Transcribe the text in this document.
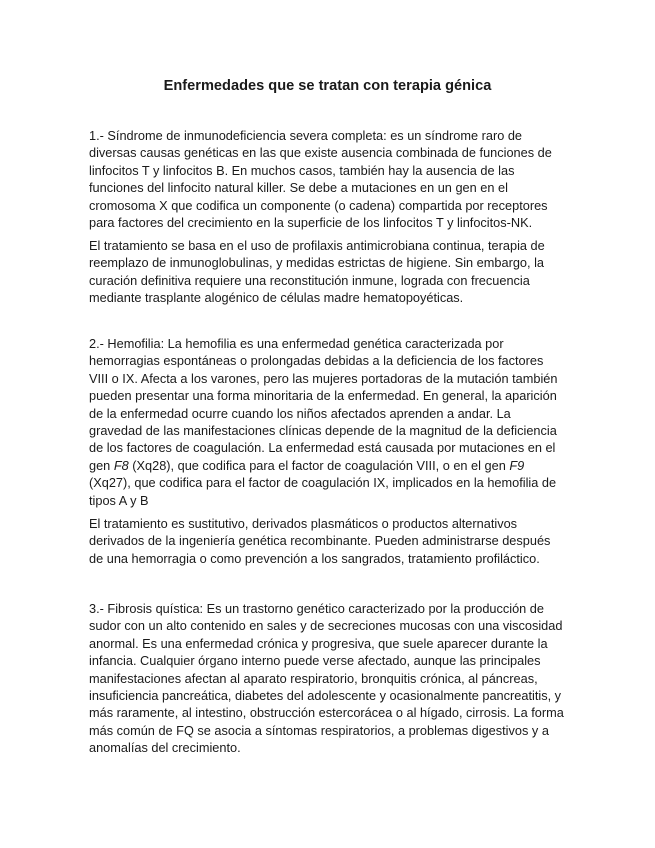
Enfermedades que se tratan con terapia génica

1.- Síndrome de inmunodeficiencia severa completa: es un síndrome raro de diversas causas genéticas en las que existe ausencia combinada de funciones de linfocitos T y linfocitos B. En muchos casos, también hay la ausencia de las funciones del linfocito natural killer. Se debe a mutaciones en un gen en el cromosoma X que codifica un componente (o cadena) compartida por receptores para factores del crecimiento en la superficie de los linfocitos T y linfocitos-NK.

El tratamiento se basa en el uso de profilaxis antimicrobiana continua, terapia de reemplazo de inmunoglobulinas, y medidas estrictas de higiene. Sin embargo, la curación definitiva requiere una reconstitución inmune, lograda con frecuencia mediante trasplante alogénico de células madre hematopoyéticas.

2.- Hemofilia: La hemofilia es una enfermedad genética caracterizada por hemorragias espontáneas o prolongadas debidas a la deficiencia de los factores VIII o IX. Afecta a los varones, pero las mujeres portadoras de la mutación también pueden presentar una forma minoritaria de la enfermedad. En general, la aparición de la enfermedad ocurre cuando los niños afectados aprenden a andar. La gravedad de las manifestaciones clínicas depende de la magnitud de la deficiencia de los factores de coagulación. La enfermedad está causada por mutaciones en el gen F8 (Xq28), que codifica para el factor de coagulación VIII, o en el gen F9 (Xq27), que codifica para el factor de coagulación IX, implicados en la hemofilia de tipos A y B

El tratamiento es sustitutivo, derivados plasmáticos o productos alternativos derivados de la ingeniería genética recombinante. Pueden administrarse después de una hemorragia o como prevención a los sangrados, tratamiento profiláctico.

3.- Fibrosis quística: Es un trastorno genético caracterizado por la producción de sudor con un alto contenido en sales y de secreciones mucosas con una viscosidad anormal. Es una enfermedad crónica y progresiva, que suele aparecer durante la infancia. Cualquier órgano interno puede verse afectado, aunque las principales manifestaciones afectan al aparato respiratorio, bronquitis crónica, al páncreas, insuficiencia pancreática, diabetes del adolescente y ocasionalmente pancreatitis, y más raramente, al intestino, obstrucción estercorácea o al hígado, cirrosis. La forma más común de FQ se asocia a síntomas respiratorios, a problemas digestivos y a anomalías del crecimiento.
